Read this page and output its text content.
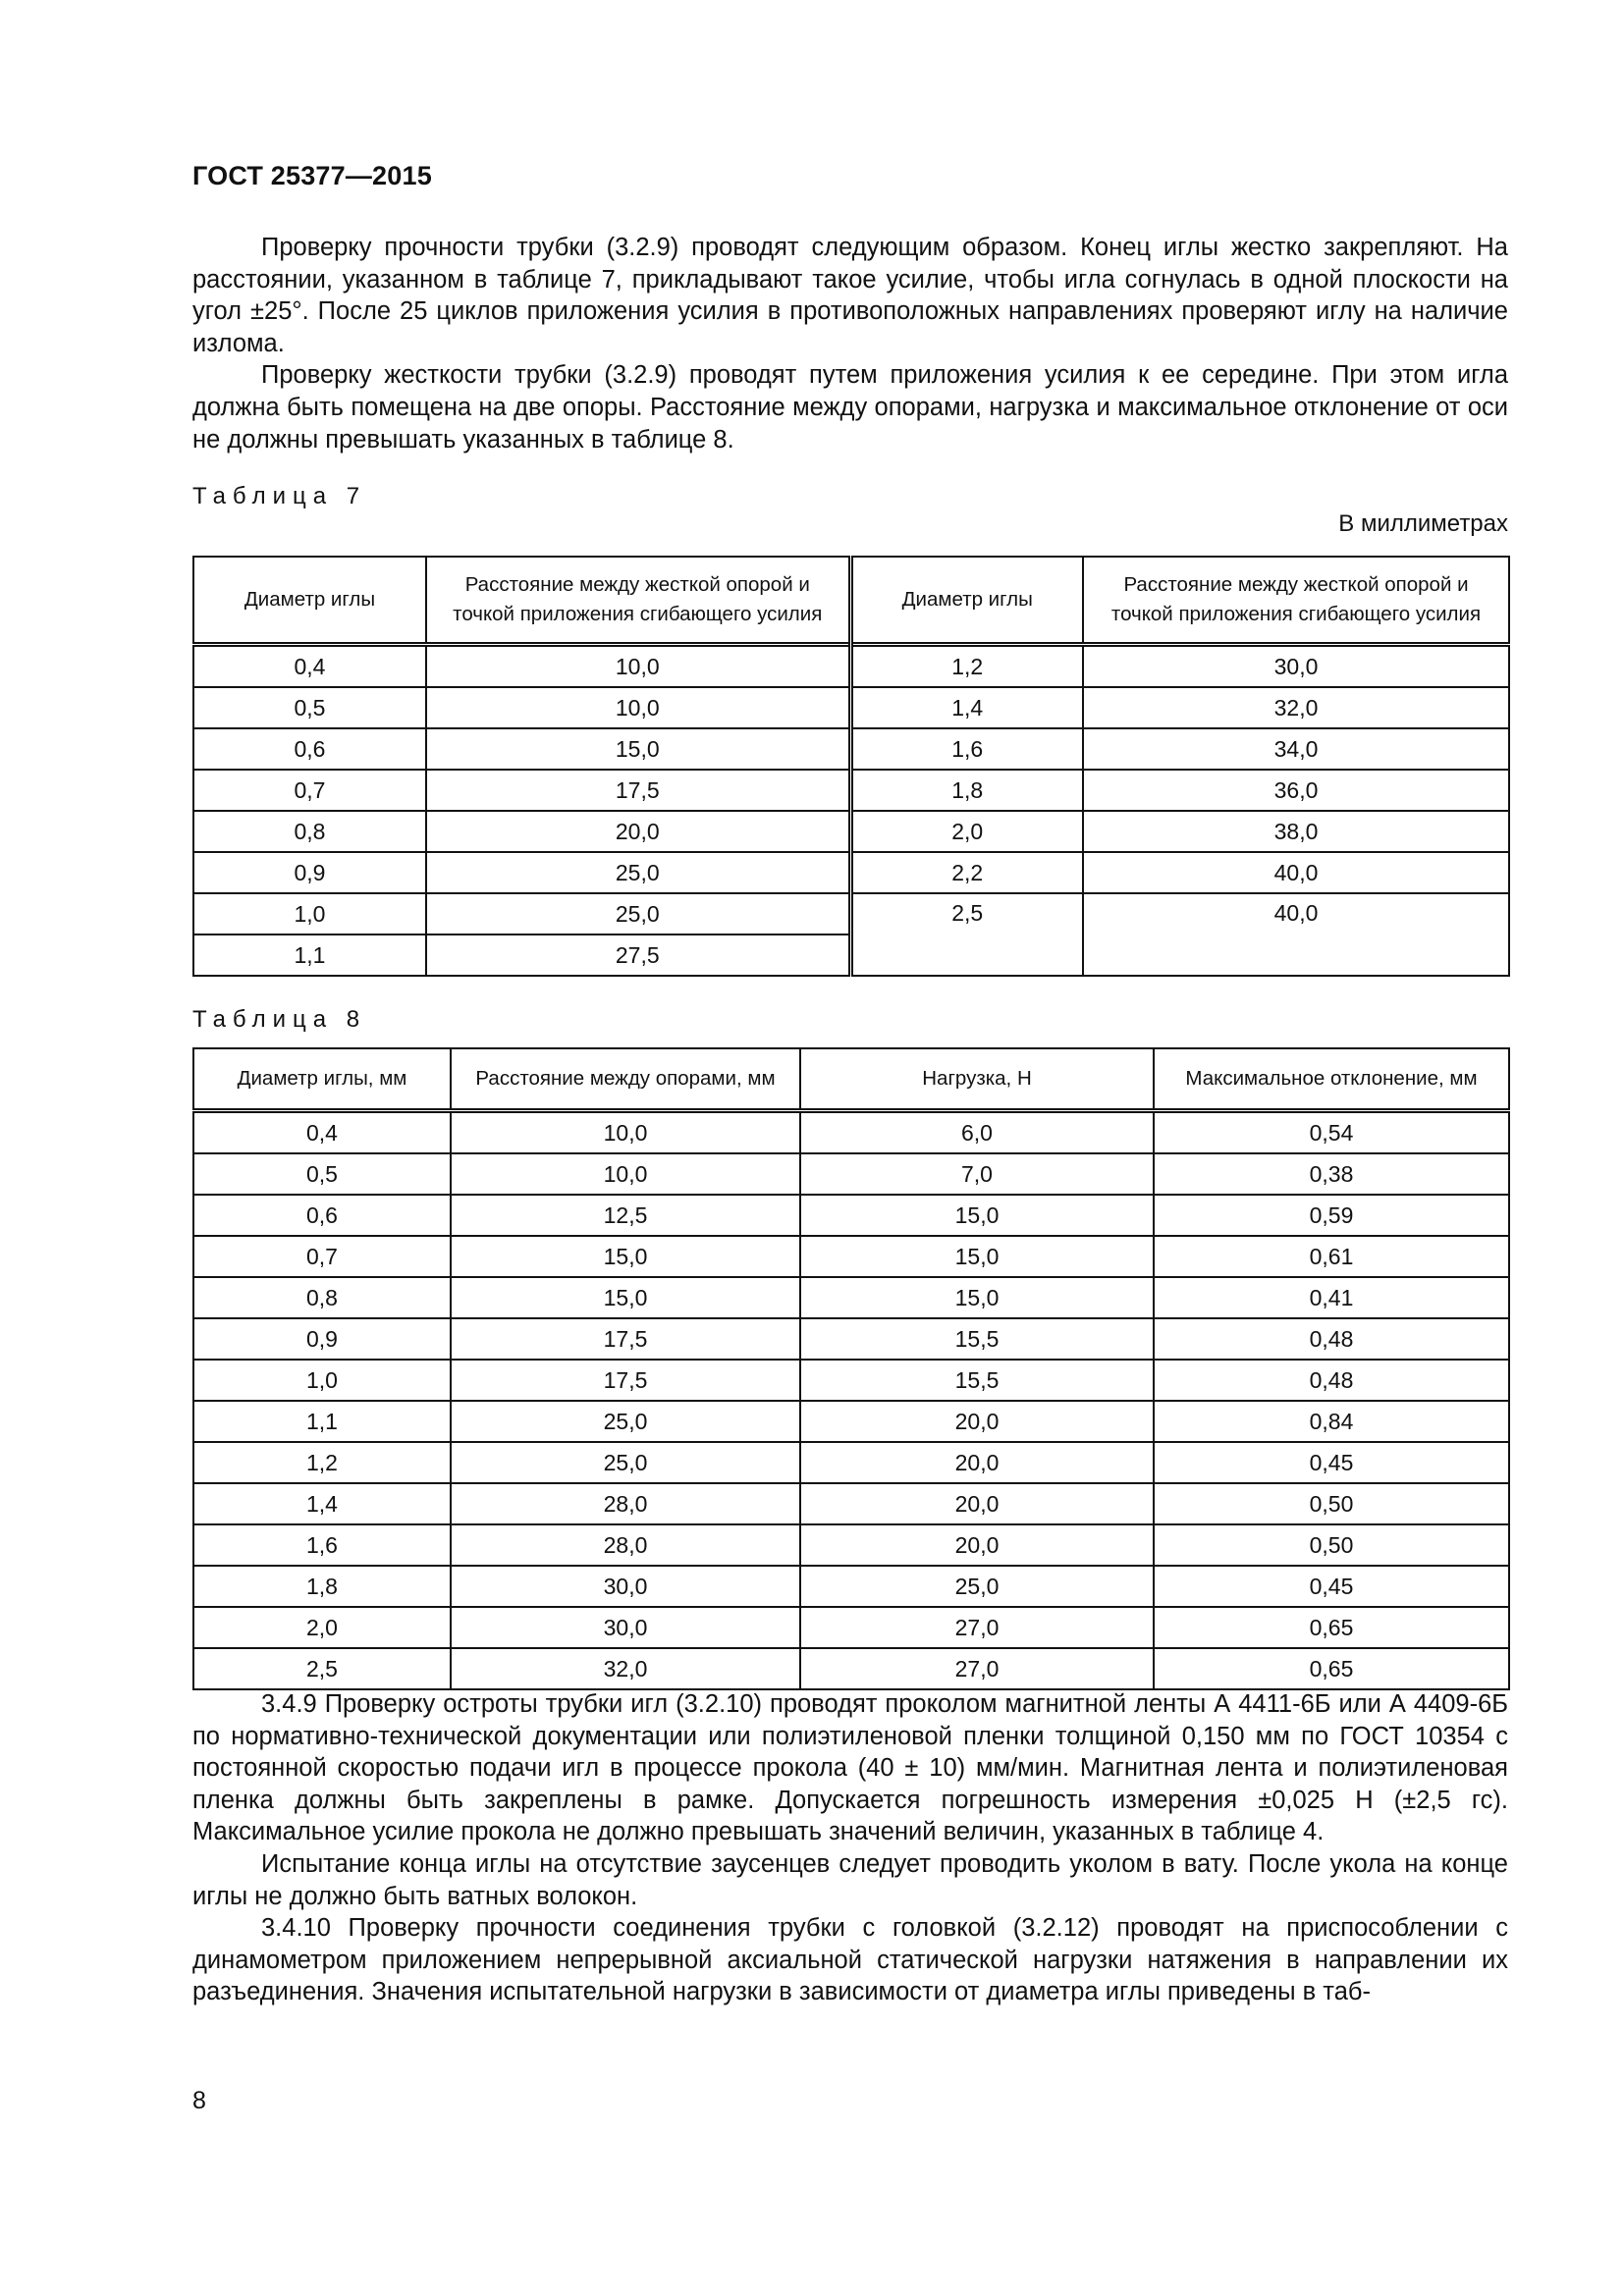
ГОСТ 25377—2015

Проверку прочности трубки (3.2.9) проводят следующим образом. Конец иглы жестко закрепляют. На расстоянии, указанном в таблице 7, прикладывают такое усилие, чтобы игла согнулась в одной плоскости на угол ±25°. После 25 циклов приложения усилия в противоположных направлениях проверяют иглу на наличие излома.

Проверку жесткости трубки (3.2.9) проводят путем приложения усилия к ее середине. При этом игла должна быть помещена на две опоры. Расстояние между опорами, нагрузка и максимальное отклонение от оси не должны превышать указанных в таблице 8.

Таблица 7
В миллиметрах
Диаметр иглы	Расстояние между жесткой опорой и точкой приложения сгибающего усилия	Диаметр иглы	Расстояние между жесткой опорой и точкой приложения сгибающего усилия

0,4	10,0	1,2	30,0
0,5	10,0	1,4	32,0
0,6	15,0	1,6	34,0
0,7	17,5	1,8	36,0
0,8	20,0	2,0	38,0
0,9	25,0	2,2	40,0
1,0	25,0	2,5	40,0
1,1	27,5		
Таблица 8
Диаметр иглы, мм	Расстояние между опорами, мм	Нагрузка, Н	Максимальное отклонение, мм
0,4	10,0	6,0	0,54
0,5	10,0	7,0	0,38
0,6	12,5	15,0	0,59
0,7	15,0	15,0	0,61
0,8	15,0	15,0	0,41
0,9	17,5	15,5	0,48
1,0	17,5	15,5	0,48
1,1	25,0	20,0	0,84
1,2	25,0	20,0	0,45
1,4	28,0	20,0	0,50
1,6	28,0	20,0	0,50
1,8	30,0	25,0	0,45
2,0	30,0	27,0	0,65
2,5	32,0	27,0	0,65

3.4.9 Проверку остроты трубки игл (3.2.10) проводят проколом магнитной ленты А 4411-6Б или А 4409-6Б по нормативно-технической документации или полиэтиленовой пленки толщиной 0,150 мм по ГОСТ 10354 с постоянной скоростью подачи игл в процессе прокола (40 ± 10) мм/мин. Магнитная лента и полиэтиленовая пленка должны быть закреплены в рамке. Допускается погрешность измерения ±0,025 Н (±2,5 гс). Максимальное усилие прокола не должно превышать значений величин, указанных в таблице 4.

Испытание конца иглы на отсутствие заусенцев следует проводить уколом в вату. После укола на конце иглы не должно быть ватных волокон.

3.4.10 Проверку прочности соединения трубки с головкой (3.2.12) проводят на приспособлении с динамометром приложением непрерывной аксиальной статической нагрузки натяжения в направлении их разъединения. Значения испытательной нагрузки в зависимости от диаметра иглы приведены в таб-

8
